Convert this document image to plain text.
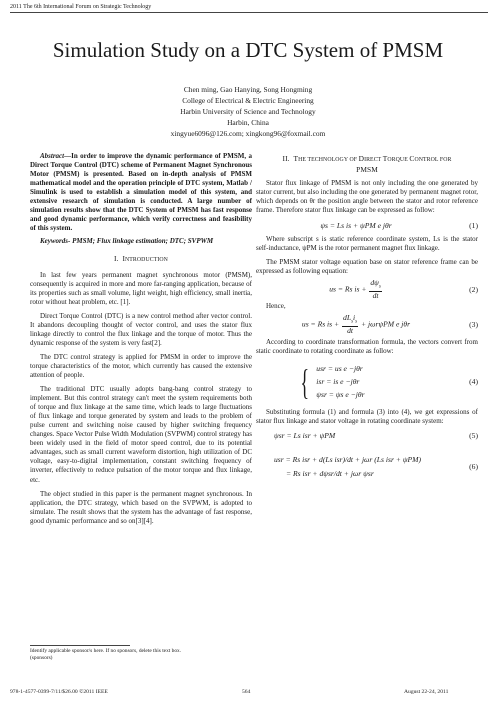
2011 The 6th International Forum on Strategic Technology
Simulation Study on a DTC System of PMSM
Chen ming, Gao Hanying, Song Hongming
College of Electrical & Electric Engineering
Harbin University of Science and Technology
Harbin, China
xingyue6096@126.com; xingkong96@foxmail.com

Abstract—In order to improve the dynamic performance of PMSM, a Direct Torque Control (DTC) scheme of Permanent Magnet Synchronous Motor (PMSM) is presented. Based on in-depth analysis of PMSM mathematical model and the operation principle of DTC system, Matlab / Simulink is used to establish a simulation model of this system, and extensive research of simulation is conducted. A large number of simulation results show that the DTC System of PMSM has fast response and good dynamic performance, which verify correctness and feasibility of this system.

Keywords- PMSM; Flux linkage estimation; DTC; SVPWM

I. INTRODUCTION

In last few years permanent magnet synchronous motor (PMSM), consequently is acquired in more and more far-ranging application, because of its properties such as small volume, light weight, high efficiency, small inertia, rotor without heat problem, etc. [1].

Direct Torque Control (DTC) is a new control method after vector control. It abandons decoupling thought of vector control, and uses the stator flux linkage directly to control the flux linkage and the torque of motor. Thus the dynamic response of the system is very fast[2].

The DTC control strategy is applied for PMSM in order to improve the torque characteristics of the motor, which currently has caused the extensive attention of people.

The traditional DTC usually adopts bang-bang control strategy to implement. But this control strategy can't meet the system requirements both of torque and flux linkage at the same time, which leads to large fluctuations of flux linkage and torque generated by system and leads to the problem of pulse current and switching noise caused by higher switching frequency changes. Space Vector Pulse Width Modulation (SVPWM) control strategy has been widely used in the field of motor speed control, due to its potential advantages, such as small current waveform distortion, high utilization of DC voltage, easy-to-digital implementation, constant switching frequency of inverter, effectively to reduce pulsation of the motor torque and flux linkage, etc.

The object studied in this paper is the permanent magnet synchronous. In application, the DTC strategy, which based on the SVPWM, is adopted to simulate. The result shows that the system has the advantage of fast response, good dynamic performance and so on[3][4].

II. THE TECHNOLOGY OF DIRECT TORQUE CONTROL FOR
PMSM

Stator flux linkage of PMSM is not only including the one generated by stator current, but also including the one generated by permanent magnet rotor, which depends on θr the position angle between the stator and rotor reference frame. Therefore stator flux linkage can be expressed as follow:

ψs = Ls is + ψPM e jθr	(1)

Where subscript s is static reference coordinate system, Ls is the stator self-inductance, ψPM is the rotor permanent magnet flux linkage.

The PMSM stator voltage equation base on stator reference frame can be expressed as following equation:

us = Rs is + $\frac{d\psi_s}{dt}$	(2)

Hence,

us = Rs is + $\frac{dL_si_s}{dt} + j\omega r\psi PM$ e jθr	(3)

According to coordinate transformation formula, the vectors convert from static coordinate to rotating coordinate as follow:

{ usr = us e −jθr
isr = is e −jθr
ψsr = ψs e −jθr
(4)

Substituting formula (1) and formula (3) into (4), we get expressions of stator flux linkage and stator voltage in rotating coordinate system:

ψsr = Ls isr + ψPM	(5)
usr = Rs isr + d(Ls isr)/dt + jωr (Ls isr + ψPM)
= Rs isr + dψsr/dt + jωr ψsr
(6)
Identify applicable sponsor/s here. If no sponsors, delete this text box.
(sponsors)
978-1-4577-0399-7/11/$26.00 ©2011 IEEE	564	August 22-24, 2011
